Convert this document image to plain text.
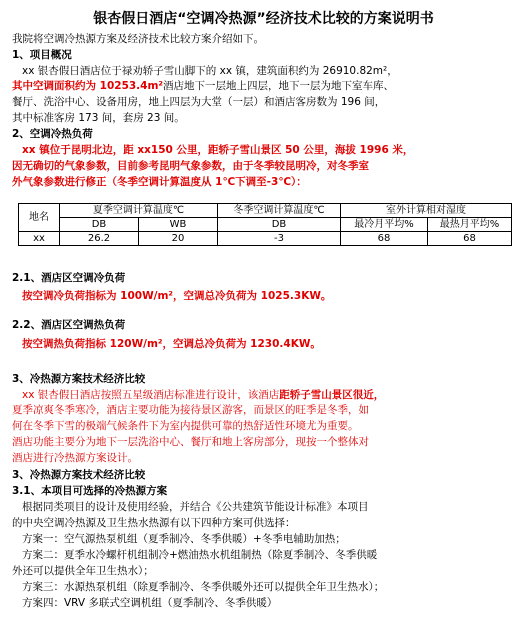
银杏假日酒店“空调冷热源”经济技术比较的方案说明书
我院将空调冷热源方案及经济技术比较方案介绍如下。
1、项目概况
xx 银杏假日酒店位于禄劝轿子雪山脚下的 xx 镇，建筑面积约为 26910.82m²，
其中空调面积约为 10253.4m²酒店地下一层地上四层，地下一层为地下室车库、
餐厅、洗浴中心、设备用房，地上四层为大堂（一层）和酒店客房数为 196 间，
其中标准客房 173 间，套房 23 间。
2、空调冷热负荷
xx 镇位于昆明北边，距 xx150 公里，距轿子雪山景区 50 公里，海拔 1996 米，
因无确切的气象参数，目前参考昆明气象参数，由于冬季较昆明冷，对冬季室
外气象参数进行修正（冬季空调计算温度从 1℃下调至-3℃）：
地名	夏季空调计算温度℃		冬季空调计算温度℃	室外计算相对湿度	
	DB	WB	DB	最冷月平均%	最热月平均%
xx	26.2	20	-3	68	68
2.1、酒店区空调冷负荷
按空调冷负荷指标为 100W/m²，空调总冷负荷为 1025.3KW。
2.2、酒店区空调热负荷
按空调热负荷指标 120W/m²，空调总冷负荷为 1230.4KW。
3、冷热源方案技术经济比较
xx 银杏假日酒店按照五星级酒店标准进行设计，该酒店距轿子雪山景区很近，
夏季凉爽冬季寒冷，酒店主要功能为接待景区游客，而景区的旺季是冬季，如
何在冬季下雪的极端气候条件下为室内提供可靠的热舒适性环境尤为重要。
酒店功能主要分为地下一层洗浴中心、餐厅和地上客房部分，现按一个整体对
酒店进行冷热源方案设计。
3、冷热源方案技术经济比较
3.1、本项目可选择的冷热源方案
根据同类项目的设计及使用经验，并结合《公共建筑节能设计标准》本项目
的中央空调冷热源及卫生热水热源有以下四种方案可供选择：
方案一：空气源热泵机组（夏季制冷、冬季供暖）+冬季电辅助加热；
方案二：夏季水冷螺杆机组制冷+燃油热水机组制热（除夏季制冷、冬季供暖
外还可以提供全年卫生热水）；
方案三：水源热泵机组（除夏季制冷、冬季供暖外还可以提供全年卫生热水）；
方案四：VRV 多联式空调机组（夏季制冷、冬季供暖）
